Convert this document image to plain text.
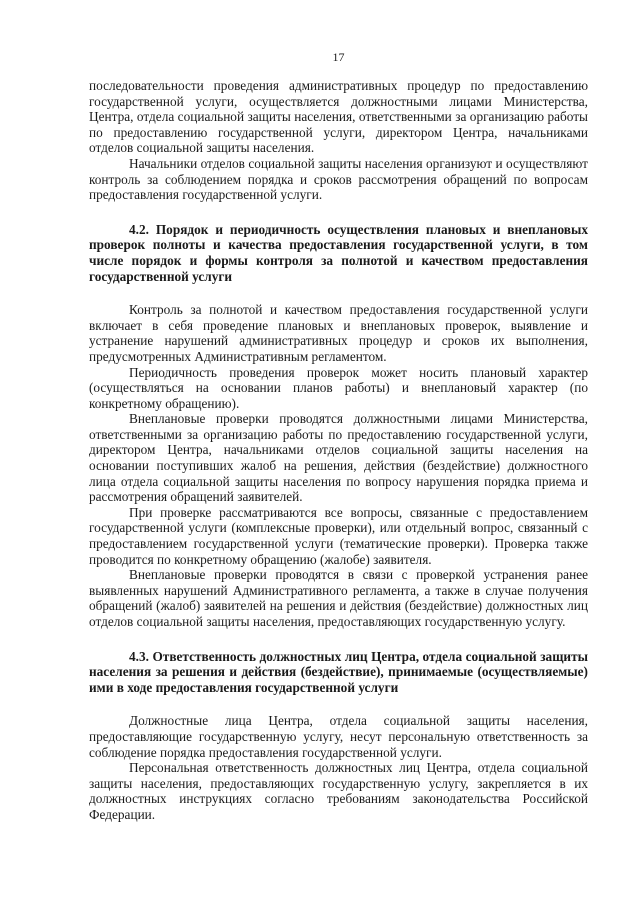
17

последовательности проведения административных процедур по предоставлению государственной услуги, осуществляется должностными лицами Министерства, Центра, отдела социальной защиты населения, ответственными за организацию работы по предоставлению государственной услуги, директором Центра, начальниками отделов социальной защиты населения.

Начальники отделов социальной защиты населения организуют и осуществляют контроль за соблюдением порядка и сроков рассмотрения обращений по вопросам предоставления государственной услуги.

4.2. Порядок и периодичность осуществления плановых и внеплановых проверок полноты и качества предоставления государственной услуги, в том числе порядок и формы контроля за полнотой и качеством предоставления государственной услуги

Контроль за полнотой и качеством предоставления государственной услуги включает в себя проведение плановых и внеплановых проверок, выявление и устранение нарушений административных процедур и сроков их выполнения, предусмотренных Административным регламентом.

Периодичность проведения проверок может носить плановый характер (осуществляться на основании планов работы) и внеплановый характер (по конкретному обращению).

Внеплановые проверки проводятся должностными лицами Министерства, ответственными за организацию работы по предоставлению государственной услуги, директором Центра, начальниками отделов социальной защиты населения на основании поступивших жалоб на решения, действия (бездействие) должностного лица отдела социальной защиты населения по вопросу нарушения порядка приема и рассмотрения обращений заявителей.

При проверке рассматриваются все вопросы, связанные с предоставлением государственной услуги (комплексные проверки), или отдельный вопрос, связанный с предоставлением государственной услуги (тематические проверки). Проверка также проводится по конкретному обращению (жалобе) заявителя.

Внеплановые проверки проводятся в связи с проверкой устранения ранее выявленных нарушений Административного регламента, а также в случае получения обращений (жалоб) заявителей на решения и действия (бездействие) должностных лиц отделов социальной защиты населения, предоставляющих государственную услугу.

4.3. Ответственность должностных лиц Центра, отдела социальной защиты населения за решения и действия (бездействие), принимаемые (осуществляемые) ими в ходе предоставления государственной услуги

Должностные лица Центра, отдела социальной защиты населения, предоставляющие государственную услугу, несут персональную ответственность за соблюдение порядка предоставления государственной услуги.

Персональная ответственность должностных лиц Центра, отдела социальной защиты населения, предоставляющих государственную услугу, закрепляется в их должностных инструкциях согласно требованиям законодательства Российской Федерации.
